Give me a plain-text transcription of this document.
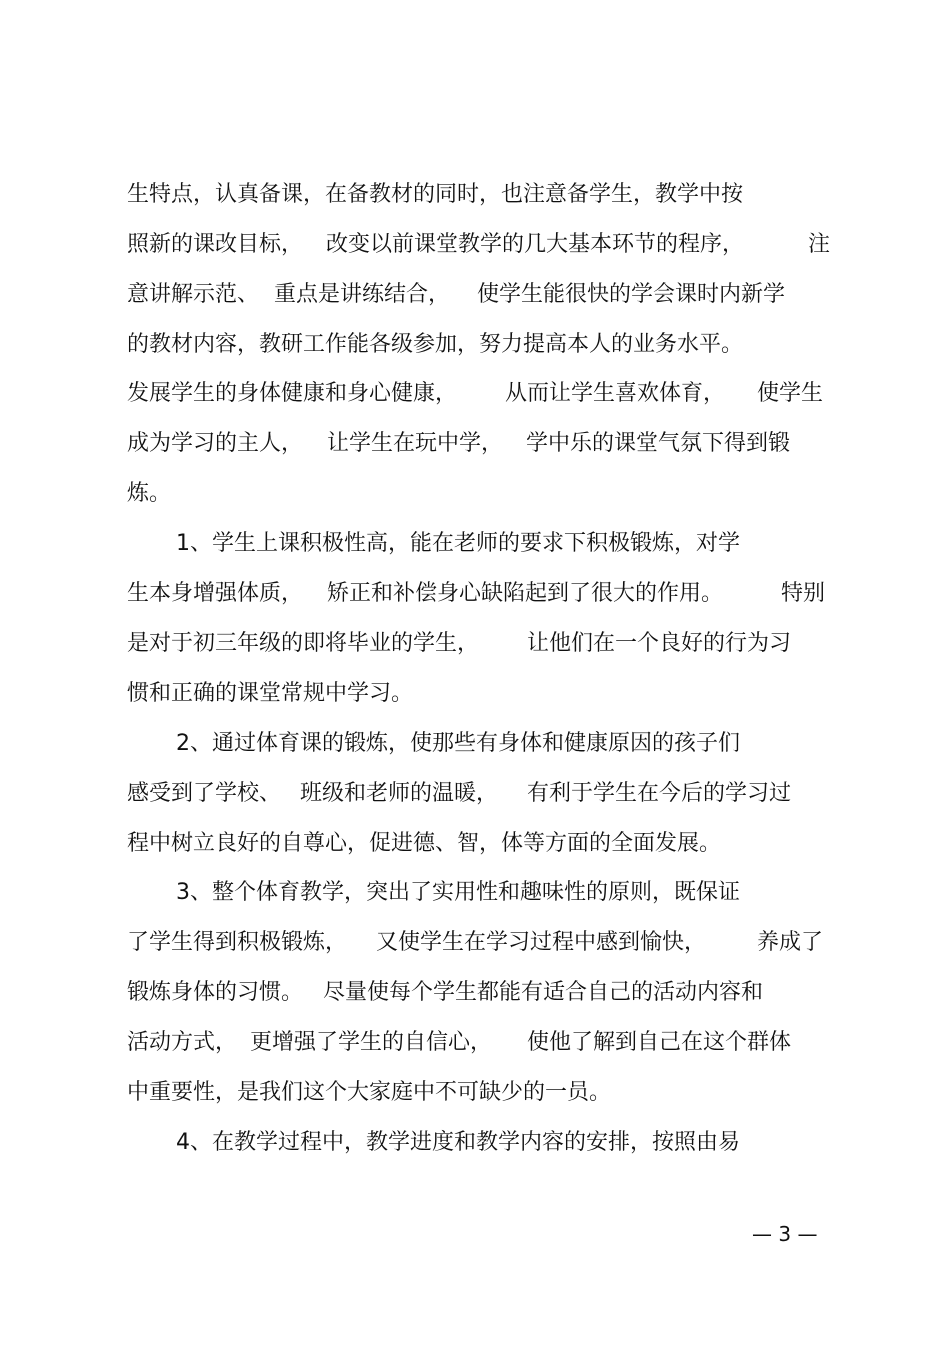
生特点，认真备课，在备教材的同时，也注意备学生，教学中按
照新的课改目标， 改变以前课堂教学的几大基本环节的程序，	注
意讲解示范、 重点是讲练结合， 使学生能很快的学会课时内新学
的教材内容，教研工作能各级参加，努力提高本人的业务水平。
发展学生的身体健康和身心健康， 从而让学生喜欢体育， 使学生
成为学习的主人， 让学生在玩中学， 学中乐的课堂气氛下得到锻
炼。
1、学生上课积极性高，能在老师的要求下积极锻炼，对学
生本身增强体质， 矫正和补偿身心缺陷起到了很大的作用。	特别
是对于初三年级的即将毕业的学生， 让他们在一个良好的行为习
惯和正确的课堂常规中学习。
2、通过体育课的锻炼，使那些有身体和健康原因的孩子们
感受到了学校、 班级和老师的温暖， 有利于学生在今后的学习过
程中树立良好的自尊心，促进德、智，体等方面的全面发展。
3、整个体育教学，突出了实用性和趣味性的原则，既保证
了学生得到积极锻炼， 又使学生在学习过程中感到愉快， 养成了
锻炼身体的习惯。 尽量使每个学生都能有适合自己的活动内容和
活动方式， 更增强了学生的自信心， 使他了解到自己在这个群体
中重要性，是我们这个大家庭中不可缺少的一员。
4、在教学过程中，教学进度和教学内容的安排，按照由易
— 3 —
